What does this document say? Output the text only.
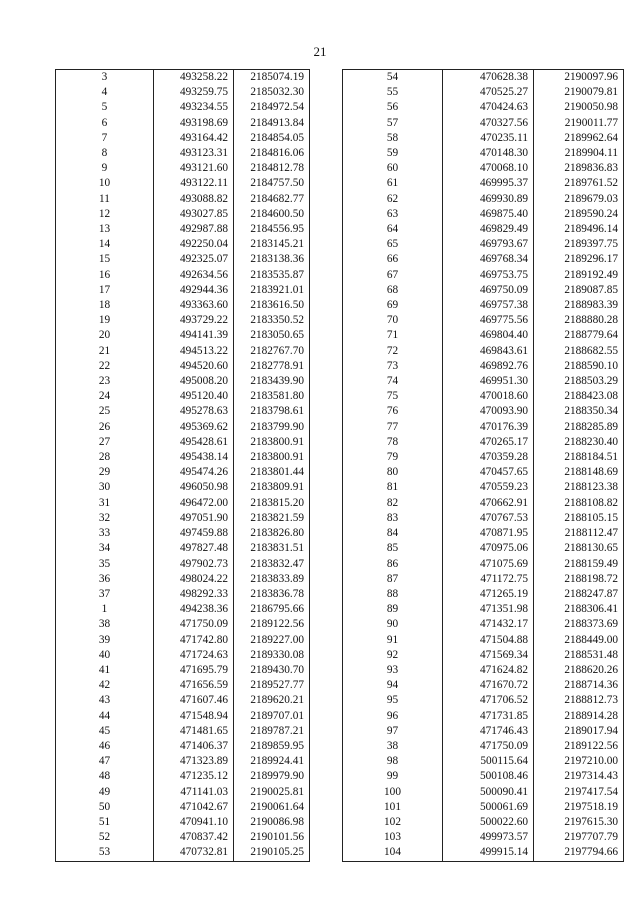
21
3	493258.22	2185074.19
4	493259.75	2185032.30
5	493234.55	2184972.54
6	493198.69	2184913.84
7	493164.42	2184854.05
8	493123.31	2184816.06
9	493121.60	2184812.78
10	493122.11	2184757.50
11	493088.82	2184682.77
12	493027.85	2184600.50
13	492987.88	2184556.95
14	492250.04	2183145.21
15	492325.07	2183138.36
16	492634.56	2183535.87
17	492944.36	2183921.01
18	493363.60	2183616.50
19	493729.22	2183350.52
20	494141.39	2183050.65
21	494513.22	2182767.70
22	494520.60	2182778.91
23	495008.20	2183439.90
24	495120.40	2183581.80
25	495278.63	2183798.61
26	495369.62	2183799.90
27	495428.61	2183800.91
28	495438.14	2183800.91
29	495474.26	2183801.44
30	496050.98	2183809.91
31	496472.00	2183815.20
32	497051.90	2183821.59
33	497459.88	2183826.80
34	497827.48	2183831.51
35	497902.73	2183832.47
36	498024.22	2183833.89
37	498292.33	2183836.78
1	494238.36	2186795.66
38	471750.09	2189122.56
39	471742.80	2189227.00
40	471724.63	2189330.08
41	471695.79	2189430.70
42	471656.59	2189527.77
43	471607.46	2189620.21
44	471548.94	2189707.01
45	471481.65	2189787.21
46	471406.37	2189859.95
47	471323.89	2189924.41
48	471235.12	2189979.90
49	471141.03	2190025.81
50	471042.67	2190061.64
51	470941.10	2190086.98
52	470837.42	2190101.56
53	470732.81	2190105.25
54	470628.38	2190097.96
55	470525.27	2190079.81
56	470424.63	2190050.98
57	470327.56	2190011.77
58	470235.11	2189962.64
59	470148.30	2189904.11
60	470068.10	2189836.83
61	469995.37	2189761.52
62	469930.89	2189679.03
63	469875.40	2189590.24
64	469829.49	2189496.14
65	469793.67	2189397.75
66	469768.34	2189296.17
67	469753.75	2189192.49
68	469750.09	2189087.85
69	469757.38	2188983.39
70	469775.56	2188880.28
71	469804.40	2188779.64
72	469843.61	2188682.55
73	469892.76	2188590.10
74	469951.30	2188503.29
75	470018.60	2188423.08
76	470093.90	2188350.34
77	470176.39	2188285.89
78	470265.17	2188230.40
79	470359.28	2188184.51
80	470457.65	2188148.69
81	470559.23	2188123.38
82	470662.91	2188108.82
83	470767.53	2188105.15
84	470871.95	2188112.47
85	470975.06	2188130.65
86	471075.69	2188159.49
87	471172.75	2188198.72
88	471265.19	2188247.87
89	471351.98	2188306.41
90	471432.17	2188373.69
91	471504.88	2188449.00
92	471569.34	2188531.48
93	471624.82	2188620.26
94	471670.72	2188714.36
95	471706.52	2188812.73
96	471731.85	2188914.28
97	471746.43	2189017.94
38	471750.09	2189122.56
98	500115.64	2197210.00
99	500108.46	2197314.43
100	500090.41	2197417.54
101	500061.69	2197518.19
102	500022.60	2197615.30
103	499973.57	2197707.79
104	499915.14	2197794.66
